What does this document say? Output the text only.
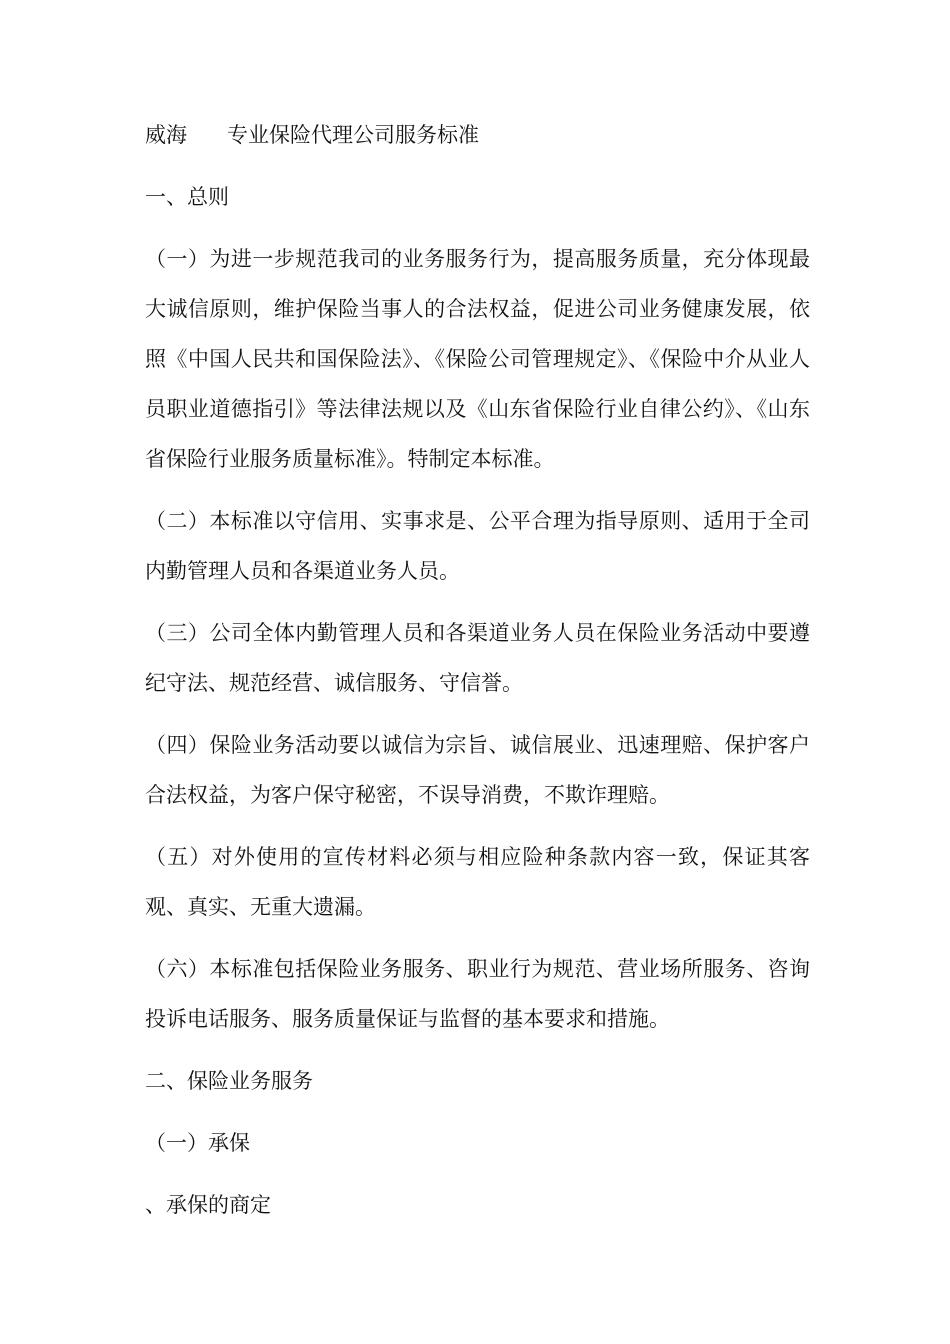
威海 专业保险代理公司服务标准
一、总则
（一）为进一步规范我司的业务服务行为，提高服务质量，充分体现最大诚信原则，维护保险当事人的合法权益，促进公司业务健康发展，依照《中国人民共和国保险法》、《保险公司管理规定》、《保险中介从业人员职业道德指引》等法律法规以及《山东省保险行业自律公约》、《山东省保险行业服务质量标准》。特制定本标准。
（二）本标准以守信用、实事求是、公平合理为指导原则、适用于全司内勤管理人员和各渠道业务人员。
（三）公司全体内勤管理人员和各渠道业务人员在保险业务活动中要遵纪守法、规范经营、诚信服务、守信誉。
（四）保险业务活动要以诚信为宗旨、诚信展业、迅速理赔、保护客户合法权益，为客户保守秘密，不误导消费，不欺诈理赔。
（五）对外使用的宣传材料必须与相应险种条款内容一致，保证其客观、真实、无重大遗漏。
（六）本标准包括保险业务服务、职业行为规范、营业场所服务、咨询投诉电话服务、服务质量保证与监督的基本要求和措施。
二、保险业务服务
（一）承保
、承保的商定
